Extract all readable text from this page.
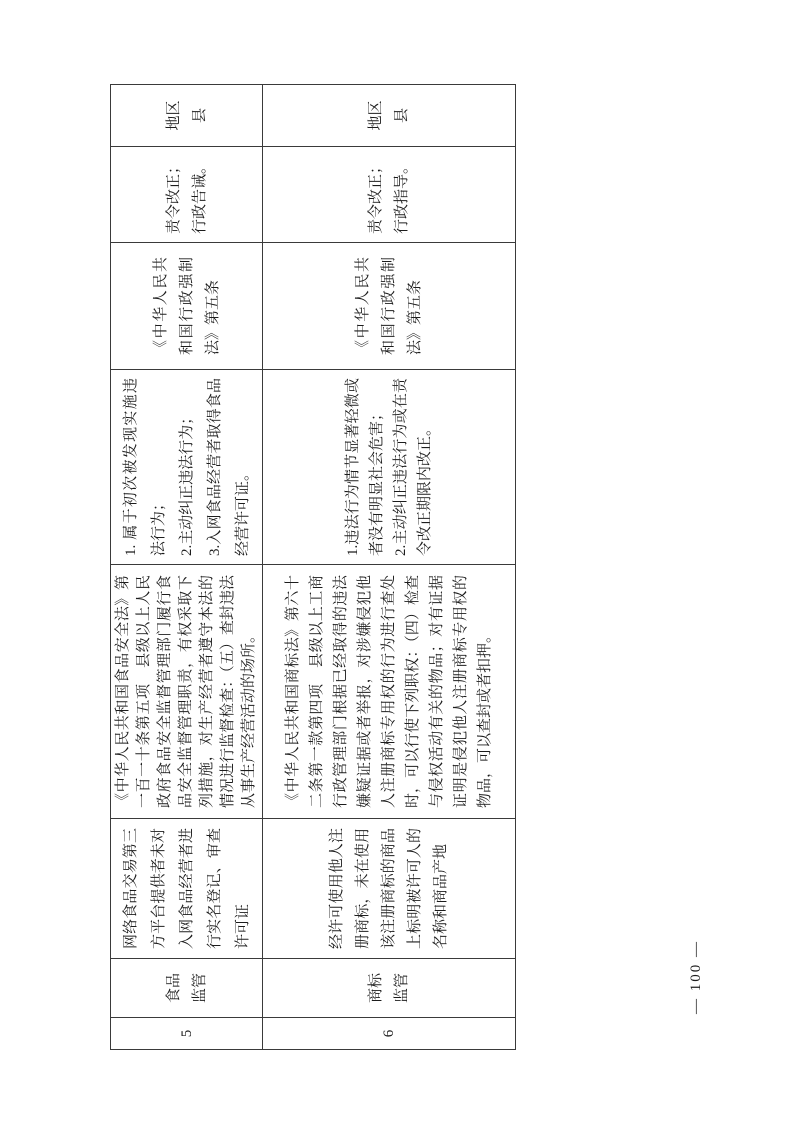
5
食品监管
网络食品交易第三方平台提供者未对入网食品经营者进行实名登记、审查许可证
《中华人民共和国食品安全法》第一百一十条第五项　县级以上人民政府食品安全监督管理部门履行食品安全监督管理职责，有权采取下列措施，对生产经营者遵守本法的情况进行监督检查：（五）查封违法从事生产经营活动的场所。
1. 属于初次被发现实施违法行为； 2.主动纠正违法行为； 3.入网食品经营者取得食品经营许可证。
《中华人民共和国行政强制法》第五条
责令改正；行政告诫。
地区县
6
商标监管
经许可使用他人注册商标，未在使用该注册商标的商品上标明被许可人的名称和商品产地
《中华人民共和国商标法》第六十二条第一款第四项　县级以上工商行政管理部门根据已经取得的违法嫌疑证据或者举报，对涉嫌侵犯他人注册商标专用权的行为进行查处时，可以行使下列职权：（四）检查与侵权活动有关的物品；对有证据证明是侵犯他人注册商标专用权的物品，可以查封或者扣押。
1.违法行为情节显著轻微或者没有明显社会危害； 2.主动纠正违法行为或在责令改正期限内改正。
《中华人民共和国行政强制法》第五条
责令改正；行政指导。
地区县
— 100 —
